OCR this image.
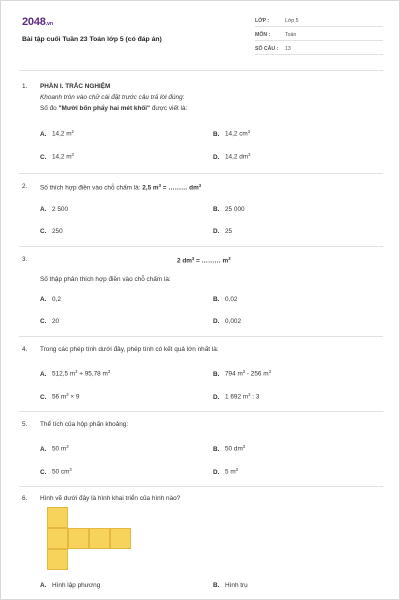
2048.vn
Bài tập cuối Tuần 23 Toán lớp 5 (có đáp án)
LỚP :	Lớp 5
MÔN :	Toán
SỐ CÂU : 13
1. PHẦN I. TRẮC NGHIỆM
Khoanh tròn vào chữ cái đặt trước câu trả lời đúng:
Số đo "Mười bốn phẩy hai mét khối" được viết là:
A. 14,2 $m^2$	B. 14,2 $cm^3$
C. 14,2 $m^3$	D. 14,2 $dm^3$
2. Số thích hợp điền vào chỗ chấm là: 2,5 $m^3$ = ……… $dm^3$
A. 2 500	B. 25 000
C. 250	D. 25
3.	2 $dm^3$ = ……… $m^3$
Số thập phân thích hợp điền vào chỗ chấm là:
A. 0,2	B. 0,02
C. 20	D. 0,002
4. Trong các phép tính dưới đây, phép tính có kết quả lớn nhất là:
A. 512,5 $m^3 + 95,78$ $m^3$	B. 794 $m^3 - 256$ $m^3$
C. 56 $m^3 \times 9$	D. 1 692 $m^3$ : 3
5. Thể tích của hộp phấn khoảng:
A. 50 $m^3$	B. 50 $dm^3$
C. 50 $cm^3$	D. 5 $m^3$
6. Hình vẽ dưới đây là hình khai triển của hình nào?
A. Hình lập phương	B. Hình trụ
